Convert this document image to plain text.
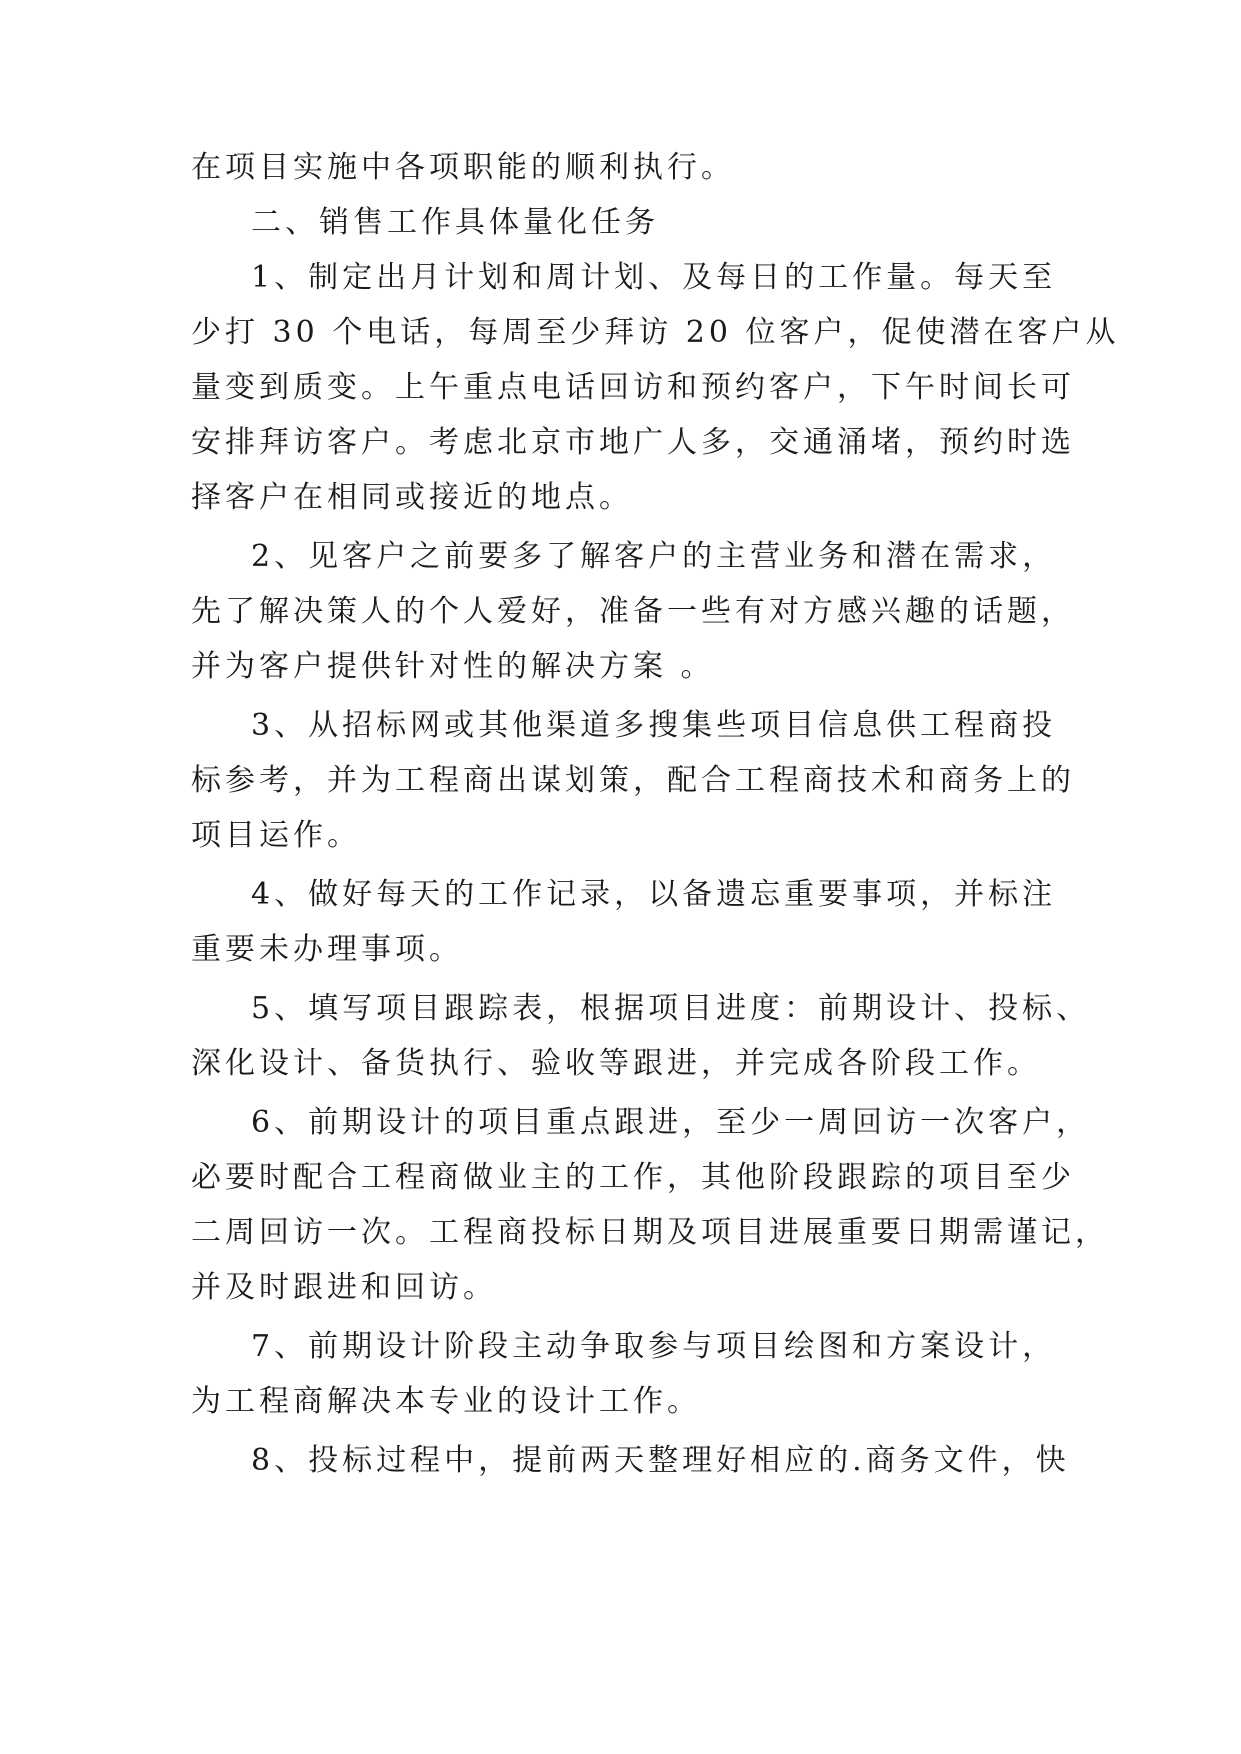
在项目实施中各项职能的顺利执行。
二、销售工作具体量化任务
1、制定出月计划和周计划、及每日的工作量。每天至
少打 30 个电话，每周至少拜访 20 位客户，促使潜在客户从
量变到质变。上午重点电话回访和预约客户，下午时间长可
安排拜访客户。考虑北京市地广人多，交通涌堵，预约时选
择客户在相同或接近的地点。
2、见客户之前要多了解客户的主营业务和潜在需求，
先了解决策人的个人爱好，准备一些有对方感兴趣的话题，
并为客户提供针对性的解决方案 。
3、从招标网或其他渠道多搜集些项目信息供工程商投
标参考，并为工程商出谋划策，配合工程商技术和商务上的
项目运作。
4、做好每天的工作记录，以备遗忘重要事项，并标注
重要未办理事项。
5、填写项目跟踪表，根据项目进度：前期设计、投标、
深化设计、备货执行、验收等跟进，并完成各阶段工作。
6、前期设计的项目重点跟进，至少一周回访一次客户，
必要时配合工程商做业主的工作，其他阶段跟踪的项目至少
二周回访一次。工程商投标日期及项目进展重要日期需谨记，
并及时跟进和回访。
7、前期设计阶段主动争取参与项目绘图和方案设计，
为工程商解决本专业的设计工作。
8、投标过程中，提前两天整理好相应的.商务文件，快
